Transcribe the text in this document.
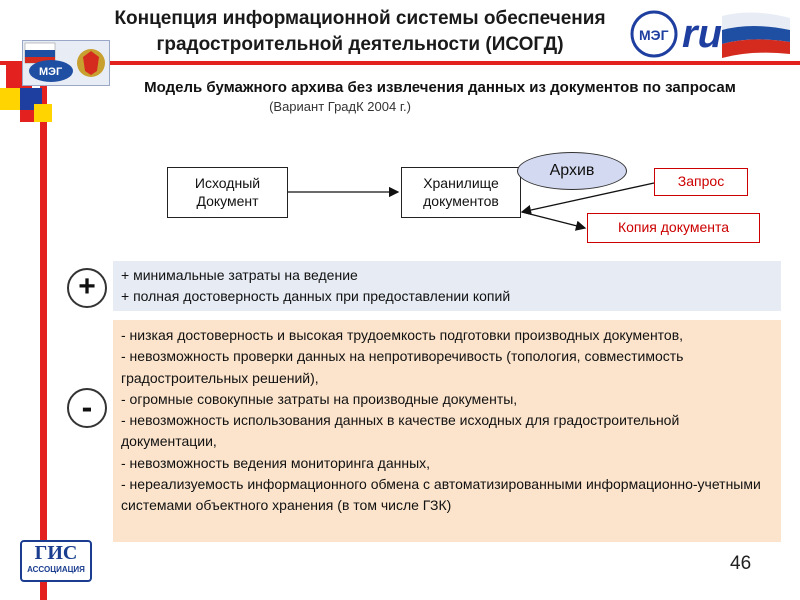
МЭГ
Концепция информационной системы обеспечения
градостроительной деятельности (ИСОГД)	МЭГ ru
Модель бумажного архива без извлечения данных из документов по запросам
(Вариант ГрадК 2004 г.)
Исходный
Документ
Хранилище
документов
Архив
Запрос
Копия документа
+	+ минимальные затраты на ведение
+ полная достоверность данных при предоставлении копий
-
- низкая достоверность и высокая трудоемкость подготовки производных документов,
- невозможность проверки данных на непротиворечивость (топология, совместимость градостроительных решений),
- огромные совокупные затраты на производные документы,
- невозможность использования данных в качестве исходных для градостроительной документации,
- невозможность ведения мониторинга данных,
- нереализуемость информационного обмена с автоматизированными информационно-учетными системами объектного хранения (в том числе ГЗК)
ГИС
АССОЦИАЦИЯ	46
